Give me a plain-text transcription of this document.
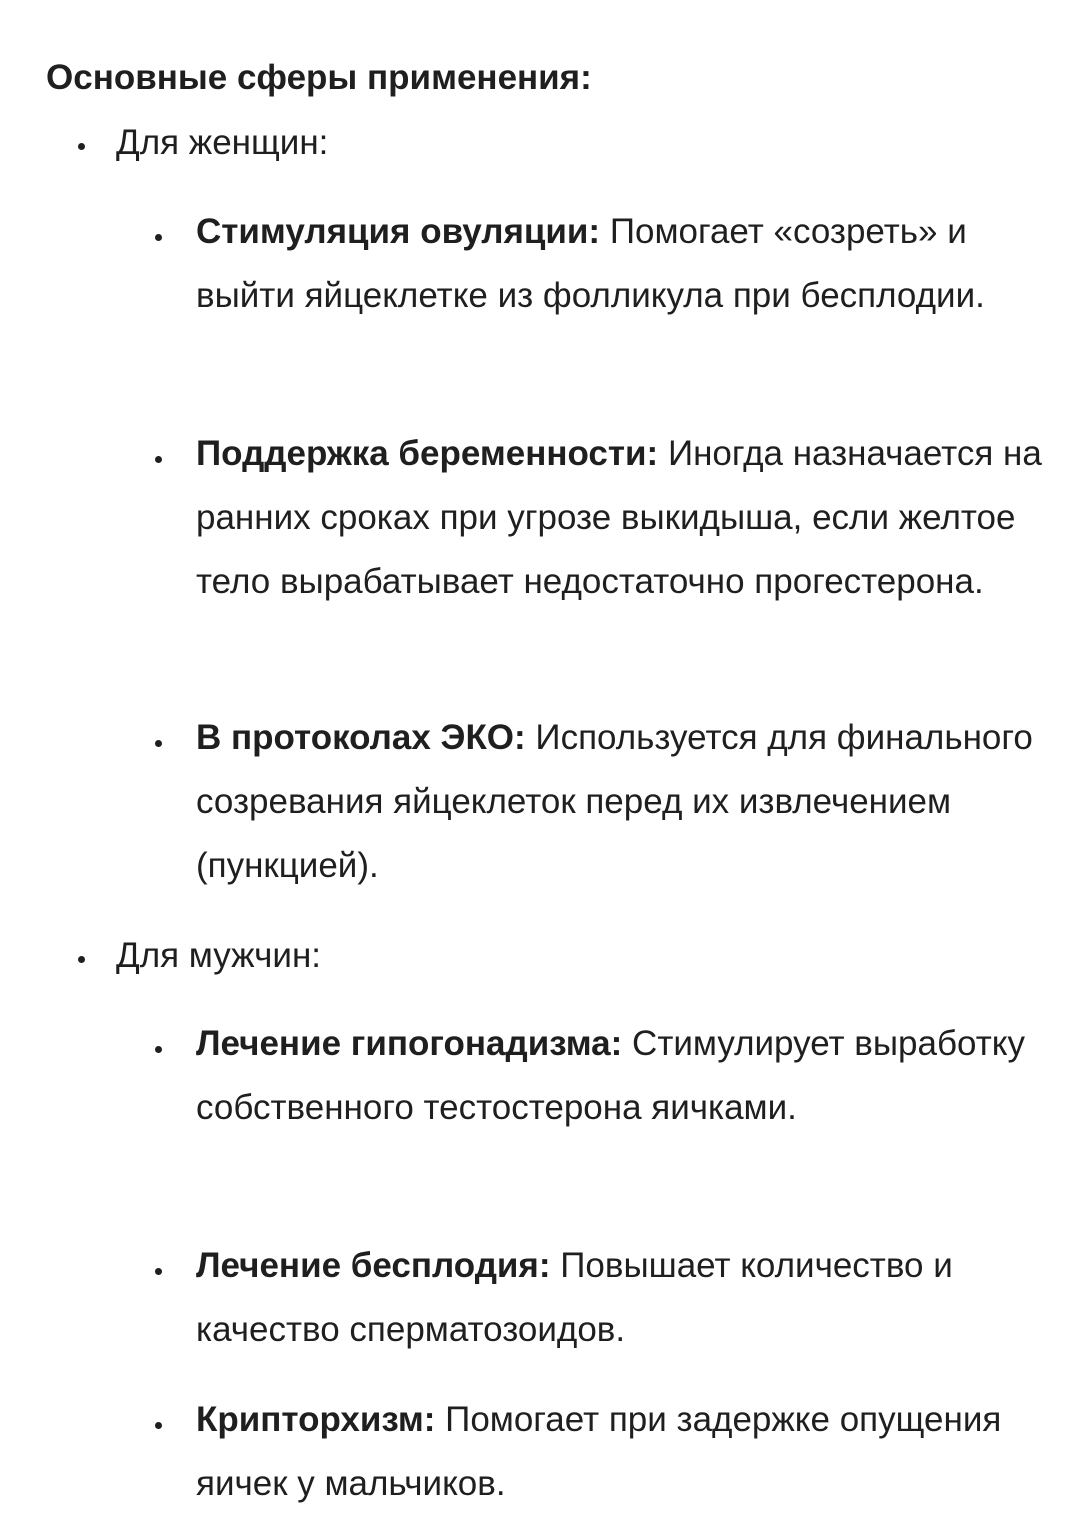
Основные сферы применения:
Для женщин:
Стимуляция овуляции: Помогает «созреть» и выйти яйцеклетке из фолликула при бесплодии.
Поддержка беременности: Иногда назначается на ранних сроках при угрозе выкидыша, если желтое тело вырабатывает недостаточно прогестерона.
В протоколах ЭКО: Используется для финального созревания яйцеклеток перед их извлечением (пункцией).
Для мужчин:
Лечение гипогонадизма: Стимулирует выработку собственного тестостерона яичками.
Лечение бесплодия: Повышает количество и качество сперматозоидов.
Крипторхизм: Помогает при задержке опущения яичек у мальчиков.
